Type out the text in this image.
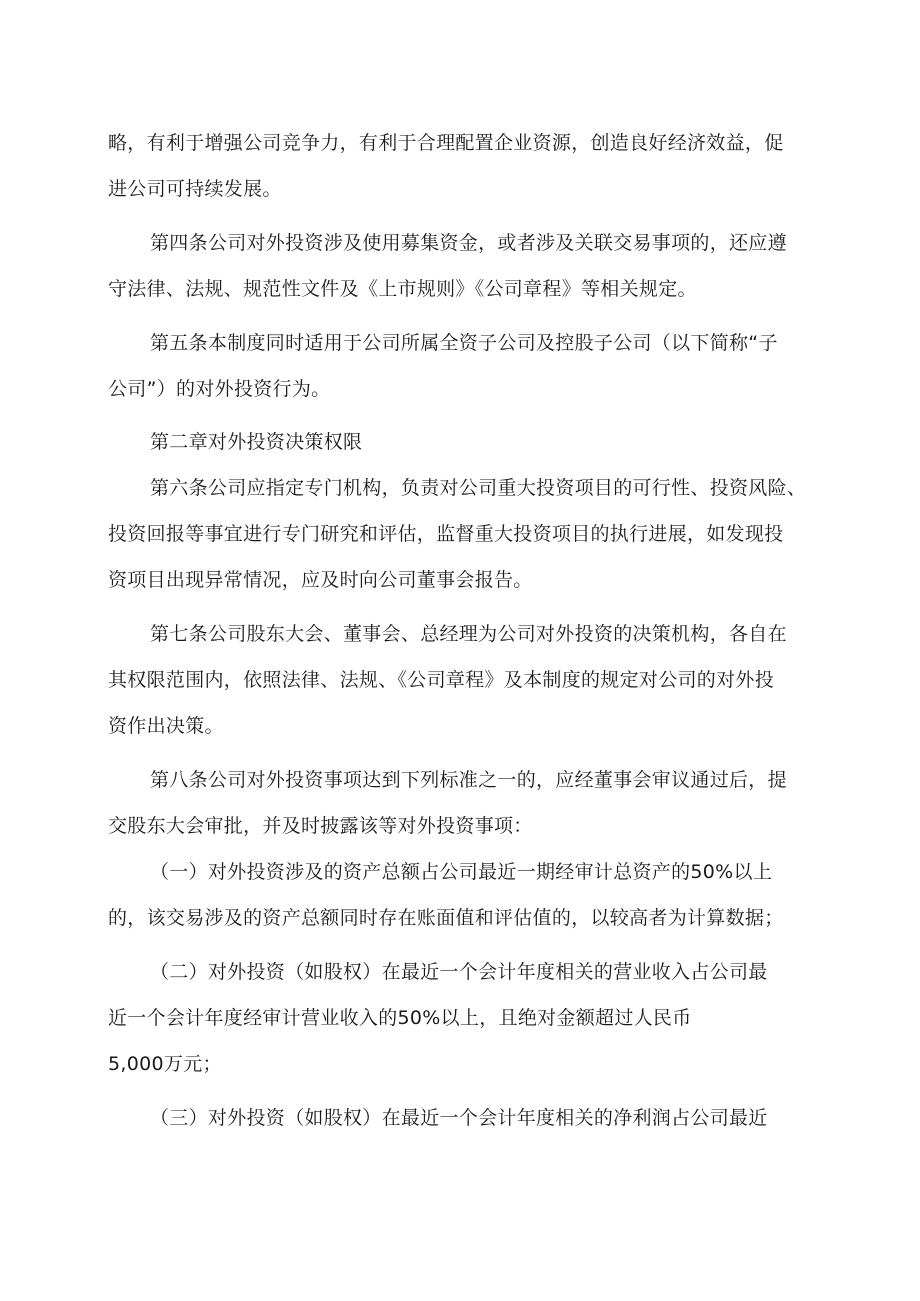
略，有利于增强公司竞争力，有利于合理配置企业资源，创造良好经济效益，促
进公司可持续发展。
第四条公司对外投资涉及使用募集资金，或者涉及关联交易事项的，还应遵
守法律、法规、规范性文件及《上市规则》《公司章程》等相关规定。
第五条本制度同时适用于公司所属全资子公司及控股子公司（以下简称“子
公司”）的对外投资行为。
第二章对外投资决策权限
第六条公司应指定专门机构，负责对公司重大投资项目的可行性、投资风险、
投资回报等事宜进行专门研究和评估，监督重大投资项目的执行进展，如发现投
资项目出现异常情况，应及时向公司董事会报告。
第七条公司股东大会、董事会、总经理为公司对外投资的决策机构，各自在
其权限范围内，依照法律、法规、《公司章程》及本制度的规定对公司的对外投
资作出决策。
第八条公司对外投资事项达到下列标准之一的，应经董事会审议通过后，提
交股东大会审批，并及时披露该等对外投资事项：
（一）对外投资涉及的资产总额占公司最近一期经审计总资产的50%以上
的，该交易涉及的资产总额同时存在账面值和评估值的，以较高者为计算数据；
（二）对外投资（如股权）在最近一个会计年度相关的营业收入占公司最
近一个会计年度经审计营业收入的50%以上，且绝对金额超过人民币
5,000万元；
（三）对外投资（如股权）在最近一个会计年度相关的净利润占公司最近
